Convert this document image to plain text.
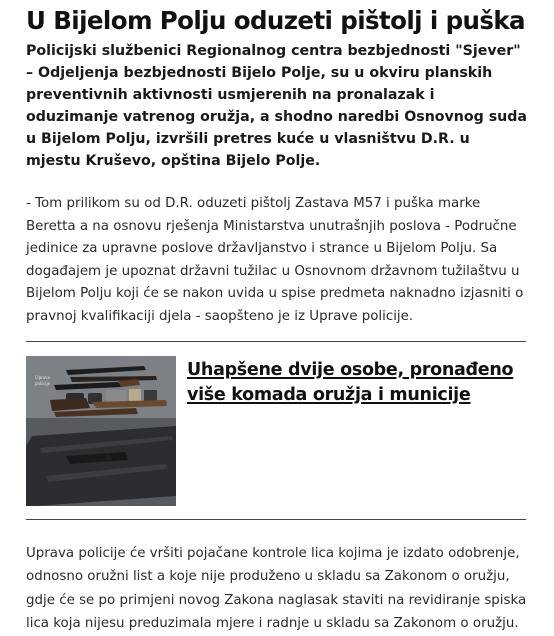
U Bijelom Polju oduzeti pištolj i puška

Policijski službenici Regionalnog centra bezbjednosti "Sjever" – Odjeljenja bezbjednosti Bijelo Polje, su u okviru planskih preventivnih aktivnosti usmjerenih na pronalazak i oduzimanje vatrenog oružja, a shodno naredbi Osnovnog suda u Bijelom Polju, izvršili pretres kuće u vlasništvu D.R. u mjestu Kruševo, opština Bijelo Polje.

- Tom prilikom su od D.R. oduzeti pištolj Zastava M57 i puška marke Beretta a na osnovu rješenja Ministarstva unutrašnjih poslova - Područne jedinice za upravne poslove državljanstvo i strance u Bijelom Polju. Sa događajem je upoznat državni tužilac u Osnovnom državnom tužilaštvu u Bijelom Polju koji će se nakon uvida u spise predmeta naknadno izjasniti o pravnoj kvalifikaciji djela - saopšteno je iz Uprave policije.

Uprava
policije
Uhapšene dvije osobe, pronađeno više komada oružja i municije

Uprava policije će vršiti pojačane kontrole lica kojima je izdato odobrenje, odnosno oružni list a koje nije produženo u skladu sa Zakonom o oružju, gdje će se po primjeni novog Zakona naglasak staviti na revidiranje spiska lica koja nijesu preduzimala mjere i radnje u skladu sa Zakonom o oružju.
